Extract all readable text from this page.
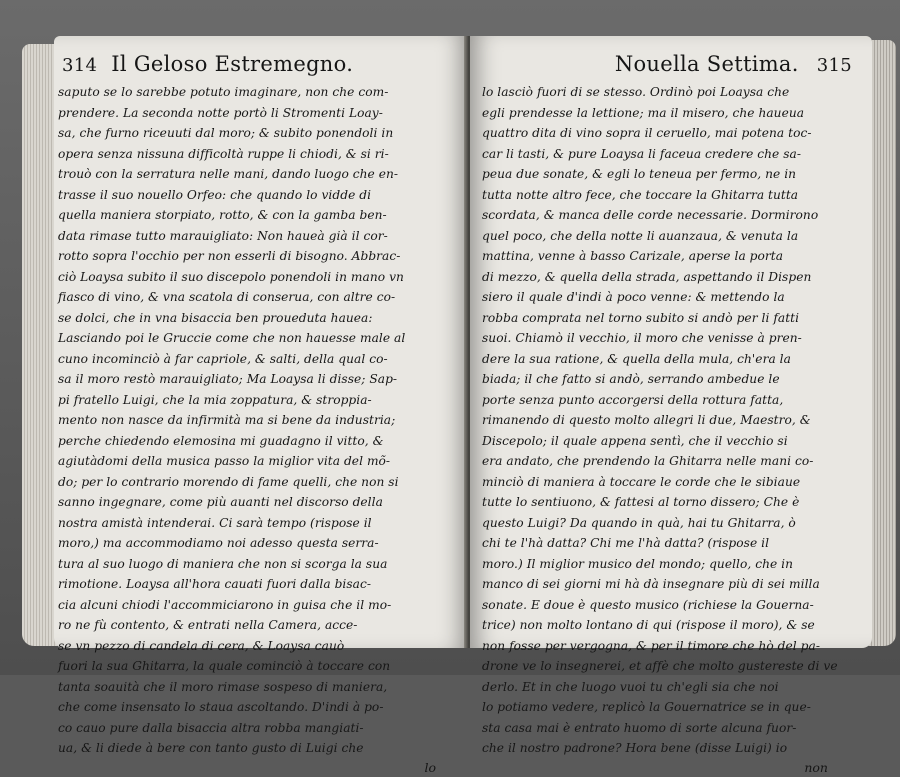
314 Il Geloso Estremegno.
saputo se lo sarebbe potuto imaginare, non che com-
prendere. La seconda notte portò li Stromenti Loay-
sa, che furno riceuuti dal moro; & subito ponendoli in
opera senza nissuna difficoltà ruppe li chiodi, & si ri-
trouò con la serratura nelle mani, dando luogo che en-
trasse il suo nouello Orfeo: che quando lo vidde di
quella maniera storpiato, rotto, & con la gamba ben-
data rimase tutto marauigliato: Non haueà già il cor-
rotto sopra l'occhio per non esserli di bisogno. Abbrac-
ciò Loaysa subito il suo discepolo ponendoli in mano vn
fiasco di vino, & vna scatola di conserua, con altre co-
se dolci, che in vna bisaccia ben proueduta hauea:
Lasciando poi le Gruccie come che non hauesse male al
cuno incominciò à far capriole, & salti, della qual co-
sa il moro restò marauigliato; Ma Loaysa li disse; Sap-
pi fratello Luigi, che la mia zoppatura, & stroppia-
mento non nasce da infirmità ma si bene da industria;
perche chiedendo elemosina mi guadagno il vitto, &
agiutàdomi della musica passo la miglior vita del mõ-
do; per lo contrario morendo di fame quelli, che non si
sanno ingegnare, come più auanti nel discorso della
nostra amistà intenderai. Ci sarà tempo (rispose il
moro,) ma accommodiamo noi adesso questa serra-
tura al suo luogo di maniera che non si scorga la sua
rimotione. Loaysa all'hora cauati fuori dalla bisac-
cia alcuni chiodi l'accommiciarono in guisa che il mo-
ro ne fù contento, & entrati nella Camera, acce-
se vn pezzo di candela di cera, & Loaysa cauò
fuori la sua Ghitarra, la quale cominciò à toccare con
tanta soauità che il moro rimase sospeso di maniera,
che come insensato lo staua ascoltando. D'indi à po-
co cauo pure dalla bisaccia altra robba mangiati-
ua, & li diede à bere con tanto gusto di Luigi che
lo
Nouella Settima.	315
lo lasciò fuori di se stesso. Ordinò poi Loaysa che
egli prendesse la lettione; ma il misero, che haueua
quattro dita di vino sopra il ceruello, mai potena toc-
car li tasti, & pure Loaysa li faceua credere che sa-
peua due sonate, & egli lo teneua per fermo, ne in
tutta notte altro fece, che toccare la Ghitarra tutta
scordata, & manca delle corde necessarie. Dormirono
quel poco, che della notte li auanzaua, & venuta la
mattina, venne à basso Carizale, aperse la porta
di mezzo, & quella della strada, aspettando il Dispen
siero il quale d'indi à poco venne: & mettendo la
robba comprata nel torno subito si andò per li fatti
suoi. Chiamò il vecchio, il moro che venisse à pren-
dere la sua ratione, & quella della mula, ch'era la
biada; il che fatto si andò, serrando ambedue le
porte senza punto accorgersi della rottura fatta,
rimanendo di questo molto allegri li due, Maestro, &
Discepolo; il quale appena sentì, che il vecchio si
era andato, che prendendo la Ghitarra nelle mani co-
minciò di maniera à toccare le corde che le sibiaue
tutte lo sentiuono, & fattesi al torno dissero; Che è
questo Luigi? Da quando in quà, hai tu Ghitarra, ò
chi te l'hà datta? Chi me l'hà datta? (rispose il
moro.) Il miglior musico del mondo; quello, che in
manco di sei giorni mi hà dà insegnare più di sei milla
sonate. E doue è questo musico (richiese la Gouerna-
trice) non molto lontano di qui (rispose il moro), & se
non fosse per vergogna, & per il timore che hò del pa-
drone ve lo insegnerei, et affè che molto gustereste di ve
derlo. Et in che luogo vuoi tu ch'egli sia che noi
lo potiamo vedere, replicò la Gouernatrice se in que-
sta casa mai è entrato huomo di sorte alcuna fuor-
che il nostro padrone? Hora bene (disse Luigi) io
non
